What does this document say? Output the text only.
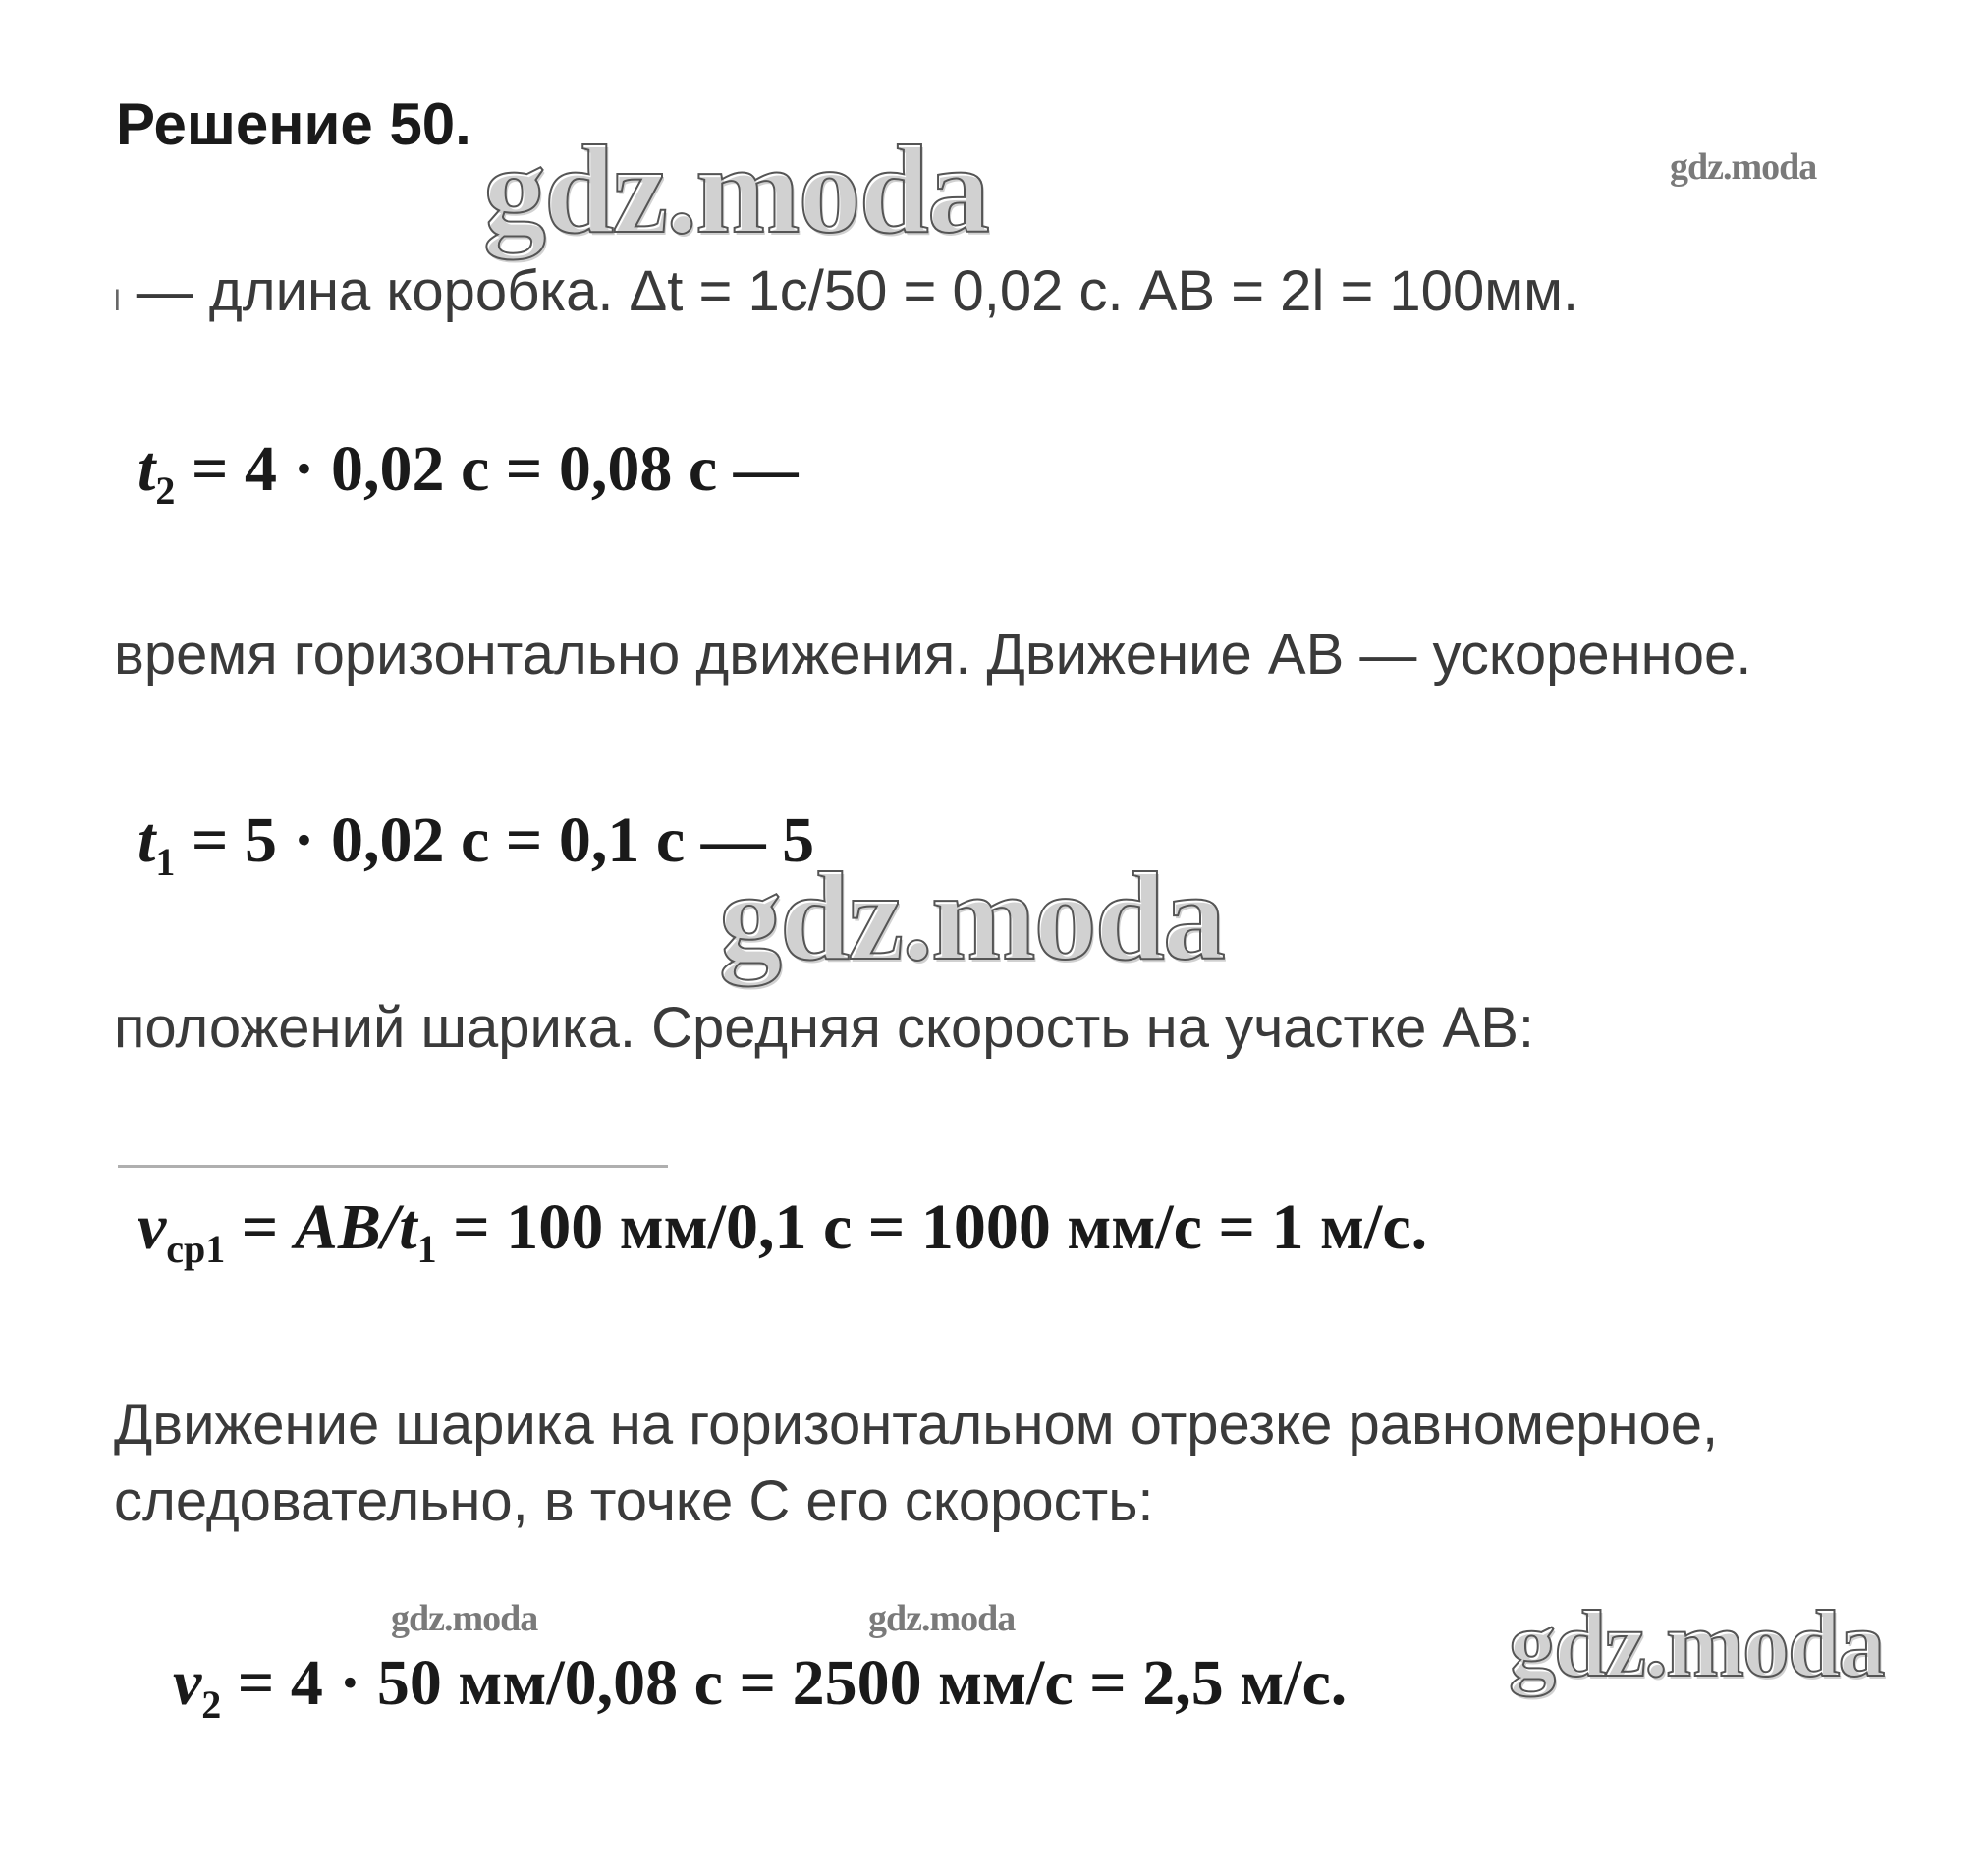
Решение 50. gdz.moda	gdz.moda
l — длина коробка. Δt = 1с/50 = 0,02 с. AB = 2l = 100мм.
$t_2 = 4 \cdot 0,02$ с = 0,08 с —
время горизонтально движения. Движение AB — ускоренное.
$t_1 = 5 \cdot 0,02$ с = 0,1 с — 5
gdz.moda
положений шарика. Средняя скорость на участке AB:
$v_{ср1} = AB/t_1 = 100$ мм/0,1 с = 1000 мм/с = 1 м/с.
Движение шарика на горизонтальном отрезке равномерное,
следовательно, в точке С его скорость:
gdz.moda	gdz.moda	gdz.moda
$v_2 = 4 \cdot 50$ мм/0,08 с = 2500 мм/с = 2,5 м/с.
